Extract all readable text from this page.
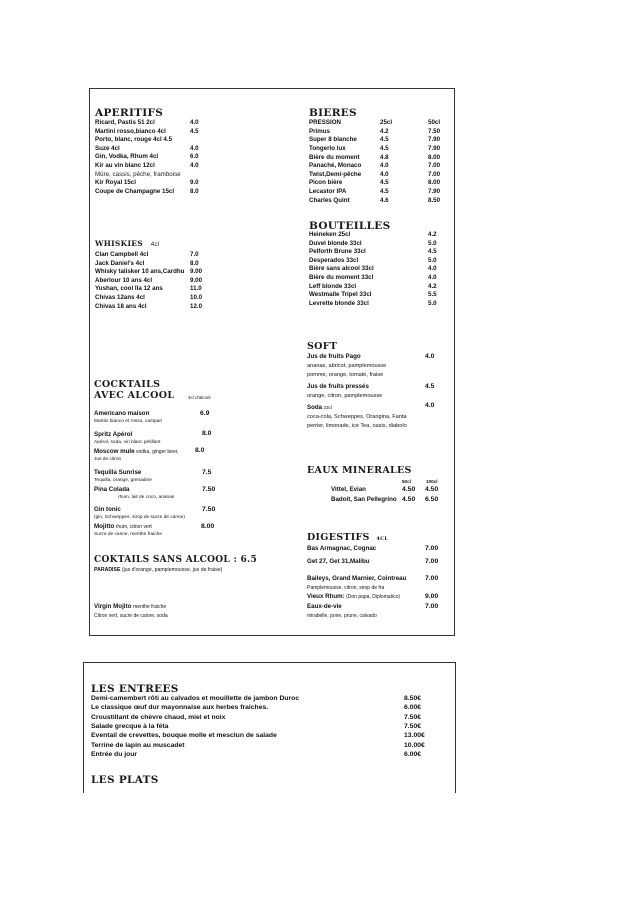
APERITIFS
Ricard, Pastis 51 2cl	4.0
Martini rosso,bianco 4cl	4.5
Porto, blanc, rouge 4cl 4.5
Suze 4cl	4.0
Gin, Vodka, Rhum 4cl	6.0
Kir au vin blanc 12cl	4.0
Mûre, cassis, pêche, framboise
Kir Royal 15cl	9.0
Coupe de Champagne 15cl	8.0
BIERES
PRESSION	25cl	50cl
Primus	4.2	7.50
Super 8 blanche	4.5	7.90
Tongerlo lux	4.5	7.90
Bière du moment	4.8	8.00
Panaché, Monaco	4.0	7.00
Twist,Demi-pêche	4.0	7.00
Picon bière	4.5	8.00
Lecastor IPA	4.5	7.90
Charles Quint	4.6	8.50
BOUTEILLES
Heineken 25cl	4.2
Duvel blonde 33cl	5.0
Pelforth Brune 33cl	4.5
Desperados 33cl	5.0
Bière sans alcool 33cl	4.0
Bière du moment 33cl	4.0
Leff blonde 33cl	4.2
Westmalle Tripel 33cl	5.5
Levrette blonde 33cl	5.0
WHISKIES 4cl
Clan Campbell 4cl	7.0
Jack Daniel's 4cl	8.0
Whisky talisker 10 ans,Cardhu 9.00
Aberlour 10 ans 4cl	9.00
Yushan, cool lla 12 ans	11.0
Chivas 12ans 4cl	10.0
Chivas 18 ans 4cl	12.0
COCKTAILS
AVEC ALCOOL	4cl d'alcool
Americano maison	6.9
Martini bianco et rosso, campari
Spritz Apérol	8.0
Apérol, soda, vin blanc pétillant
Moscow mule vodka, ginger beer, 8.0
Jus de citron
Tequilla Sunrise	7.5
Tequilla, orange, grenadine
Pina Colada	7.50
rhum, lait de coco, ananas
Gin tonic	7.50
(gin, Schweppes, sirop de sucre de canne)
Mojitto rhum, citron vert	8.00
Sucre de canne, menthe fraiche
COKTAILS SANS ALCOOL : 6.5
PARADISE (jus d'orange, pamplemousse, jus de fraise)
Virgin Mojito menthe fraiche
Citron vert, sucre de canne, soda
SOFT
Jus de fruits Pago	4.0
ananas, abricot, pamplemousse
pomme, orange, tomate, fraise
Jus de fruits pressés	4.5
orange, citron, pamplemousse
Soda 33cl	4.0
coca-cola, Schweppes, Orangina, Fanta
perrier, limonade, ice Tea, oasis, diabolo
EAUX MINERALES
50cl	100cl
Vittel, Evian	4.50 4.50
Badoit, San Pellegrino 4.50 6.50
DIGESTIFS 4CL
Bas Armagnac, Cognac	7.00
Get 27, Get 31,Malibu	7.00
Baileys, Grand Marnier, Cointreau	7.00
Pamplemousse, citron, sirop de fra
Vieux Rhum: (Don papa, Diplomatico)	9.00
Eaux-de-vie	7.00
mirabelle, poire, prune, calvado
LES ENTREES
Demi-camembert rôti au calvados et mouillette de jambon Duroc	8.50€
Le classique œuf dur mayonnaise aux herbes fraiches.	6.00€
Croustillant de chèvre chaud, miel et noix	7.50€
Salade grecque à la féta	7.50€
Eventail de crevettes, bouque molle et mesclun de salade	13.00€
Terrine de lapin au muscadet	10.00€
Entrée du jour	6.00€
LES PLATS
